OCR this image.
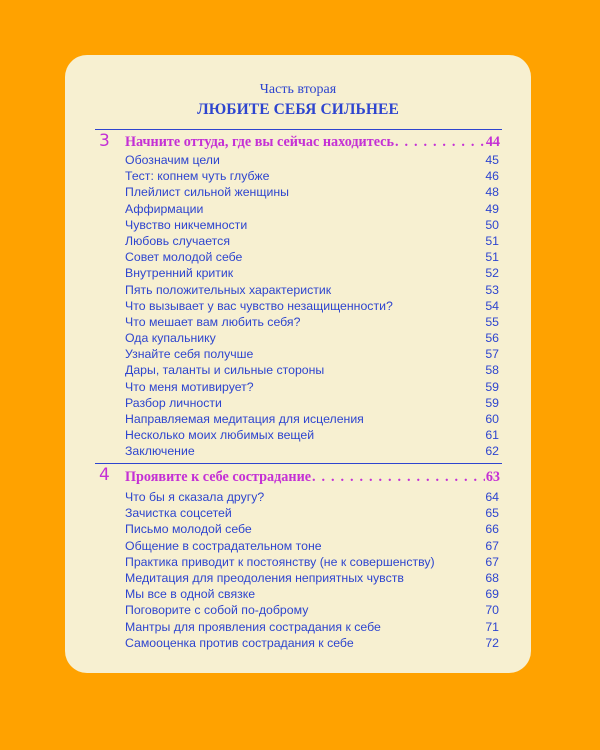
Часть вторая
ЛЮБИТЕ СЕБЯ СИЛЬНЕЕ
3 Начните оттуда, где вы сейчас находитесь . . .	44
Обозначим цели	45
Тест: копнем чуть глубже	46
Плейлист сильной женщины	48
Аффирмации	49
Чувство никчемности	50
Любовь случается	51
Совет молодой себе	51
Внутренний критик	52
Пять положительных характеристик	53
Что вызывает у вас чувство незащищенности?	54
Что мешает вам любить себя?	55
Ода купальнику	56
Узнайте себя получше	57
Дары, таланты и сильные стороны	58
Что меня мотивирует?	59
Разбор личности	59
Направляемая медитация для исцеления	60
Несколько моих любимых вещей	61
Заключение	62
4 Проявите к себе сострадание . . .	63
Что бы я сказала другу?	64
Зачистка соцсетей	65
Письмо молодой себе	66
Общение в сострадательном тоне	67
Практика приводит к постоянству (не к совершенству)	67
Медитация для преодоления неприятных чувств	68
Мы все в одной связке	69
Поговорите с собой по-доброму	70
Мантры для проявления сострадания к себе	71
Самооценка против сострадания к себе	72
